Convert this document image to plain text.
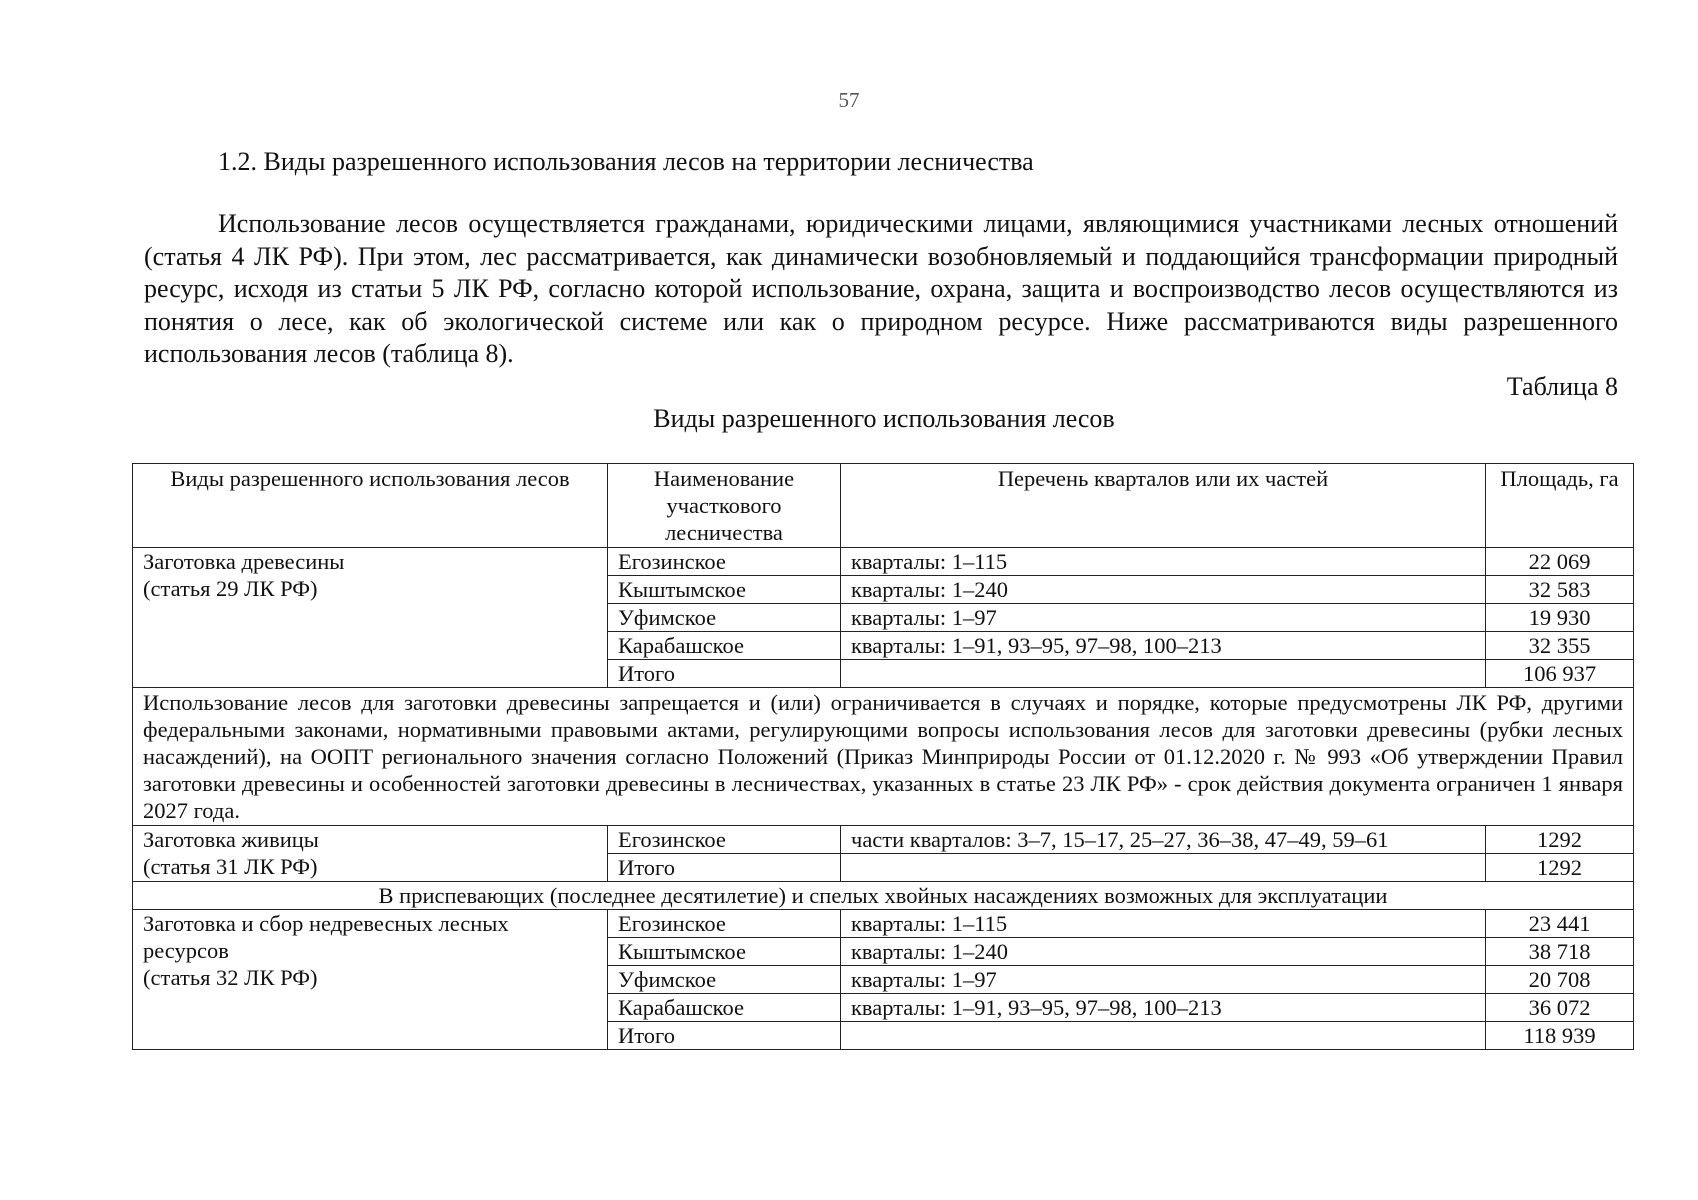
57
1.2. Виды разрешенного использования лесов на территории лесничества

Использование лесов осуществляется гражданами, юридическими лицами, являющимися участниками лесных отношений (статья 4 ЛК РФ). При этом, лес рассматривается, как динамически возобновляемый и поддающийся трансформации природный ресурс, исходя из статьи 5 ЛК РФ, согласно которой использование, охрана, защита и воспроизводство лесов осуществляются из понятия о лесе, как об экологической системе или как о природном ресурсе. Ниже рассматриваются виды разрешенного использования лесов (таблица 8).

Таблица 8
Виды разрешенного использования лесов
Виды разрешенного использования лесов	Наименование участкового лесничества	Перечень кварталов или их частей	Площадь, га
Заготовка древесины
(статья 29 ЛК РФ)	Егозинское	кварталы: 1–115	22 069
	Кыштымское	кварталы: 1–240	32 583
	Уфимское	кварталы: 1–97	19 930
	Карабашское	кварталы: 1–91, 93–95, 97–98, 100–213	32 355
	Итого		106 937
Использование лесов для заготовки древесины запрещается и (или) ограничивается в случаях и порядке, которые предусмотрены ЛК РФ, другими федеральными законами, нормативными правовыми актами, регулирующими вопросы использования лесов для заготовки древесины (рубки лесных насаждений), на ООПТ регионального значения согласно Положений (Приказ Минприроды России от 01.12.2020 г. № 993 «Об утверждении Правил заготовки древесины и особенностей заготовки древесины в лесничествах, указанных в статье 23 ЛК РФ» - срок действия документа ограничен 1 января 2027 года.			
Заготовка живицы
(статья 31 ЛК РФ)	Егозинское	части кварталов: 3–7, 15–17, 25–27, 36–38, 47–49, 59–61	1292
	Итого		1292
В приспевающих (последнее десятилетие) и спелых хвойных насаждениях возможных для эксплуатации			
Заготовка и сбор недревесных лесных ресурсов
(статья 32 ЛК РФ)	Егозинское	кварталы: 1–115	23 441
	Кыштымское	кварталы: 1–240	38 718
	Уфимское	кварталы: 1–97	20 708
	Карабашское	кварталы: 1–91, 93–95, 97–98, 100–213	36 072
	Итого		118 939
